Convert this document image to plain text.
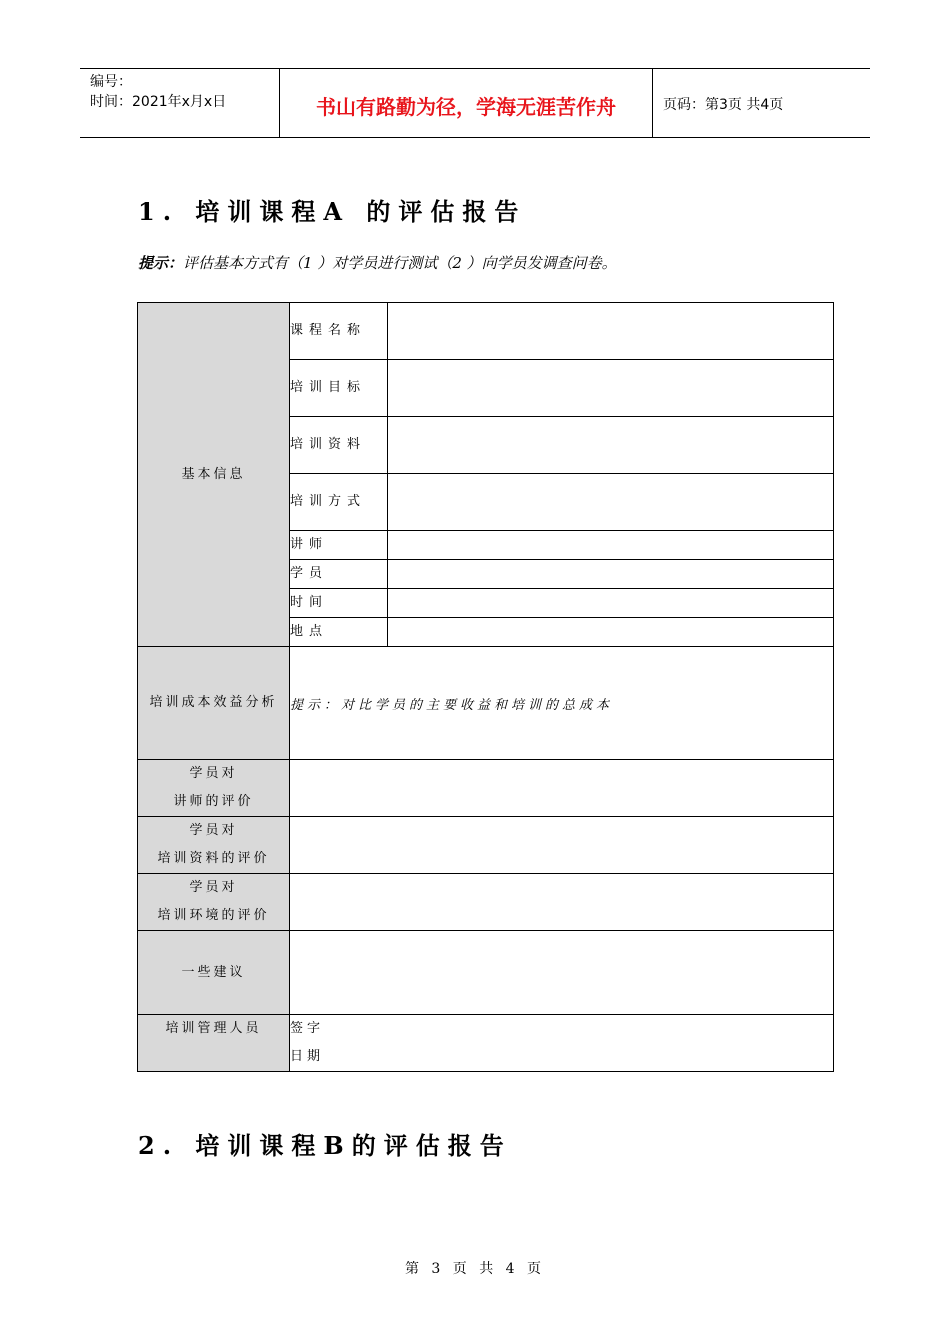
编号：
时间：2021年x月x日	书山有路勤为径，学海无涯苦作舟	页码：第3页 共4页
1. 培训课程A 的评估报告
提示：评估基本方式有（1 ）对学员进行测试（2 ）向学员发调查问卷。
基本信息	课程名称	
	培训目标	
	培训资料	
	培训方式	
	讲师	
	学员	
	时间	
	地点	
培训成本效益分析	提示：对比学员的主要收益和培训的总成本	

学员对
讲师的评价		

学员对
培训资料的评价		

学员对
培训环境的评价		

一些建议		
培训管理人员	签字
日期	
2. 培训课程B的评估报告
第 3 页 共 4 页
